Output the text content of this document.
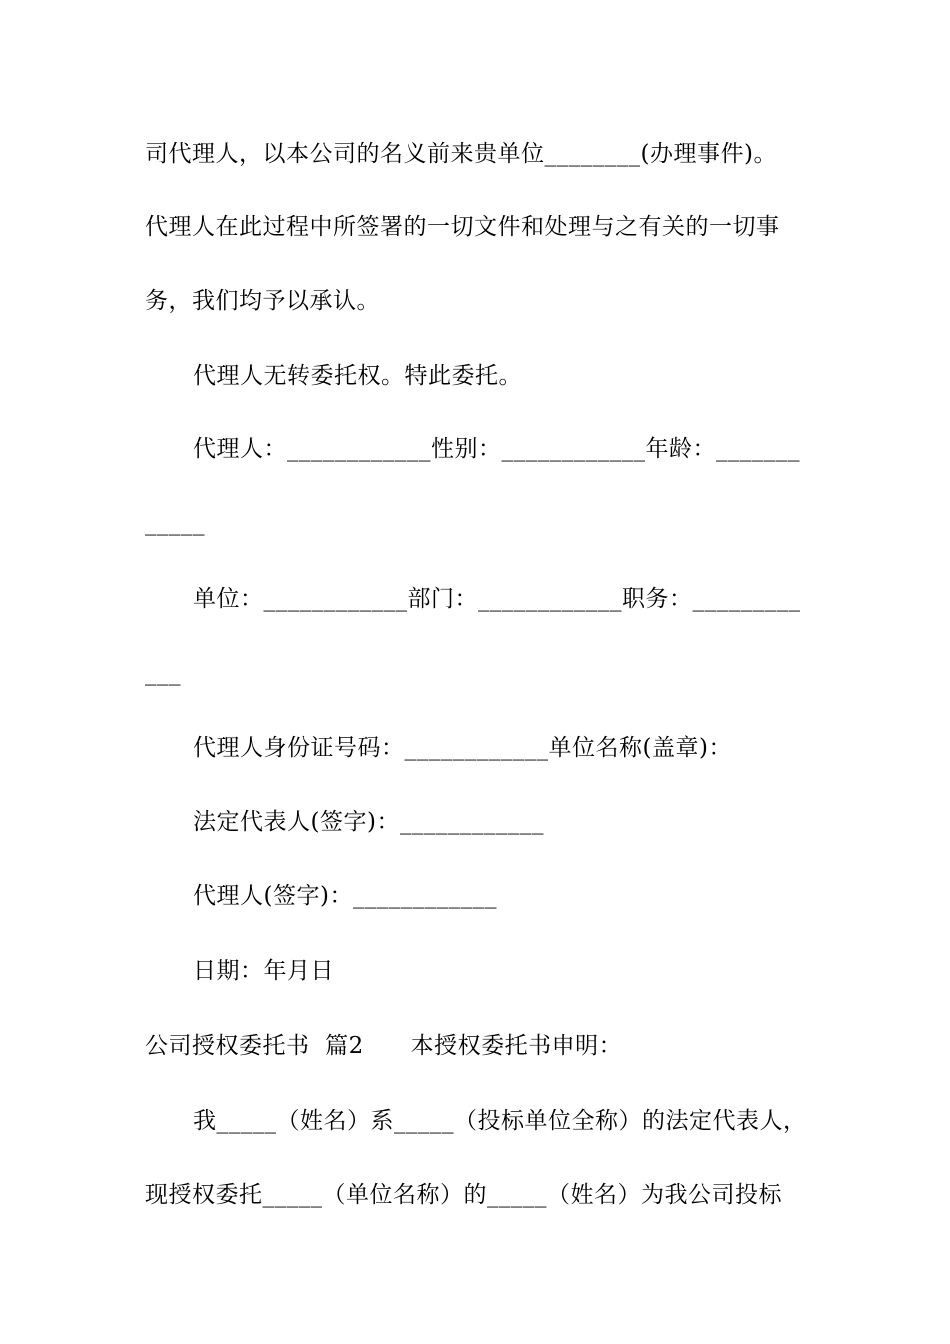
司代理人，以本公司的名义前来贵单位________(办理事件)。
代理人在此过程中所签署的一切文件和处理与之有关的一切事
务，我们均予以承认。
代理人无转委托权。特此委托。
代理人：____________性别：____________年龄：_______
_____
单位：____________部门：____________职务：_________
___
代理人身份证号码：____________单位名称(盖章)：
法定代表人(签字)：____________
代理人(签字)：____________
日期：年月日
公司授权委托书  篇2      本授权委托书申明：
我_____（姓名）系_____（投标单位全称）的法定代表人，
现授权委托_____（单位名称）的_____（姓名）为我公司投标
